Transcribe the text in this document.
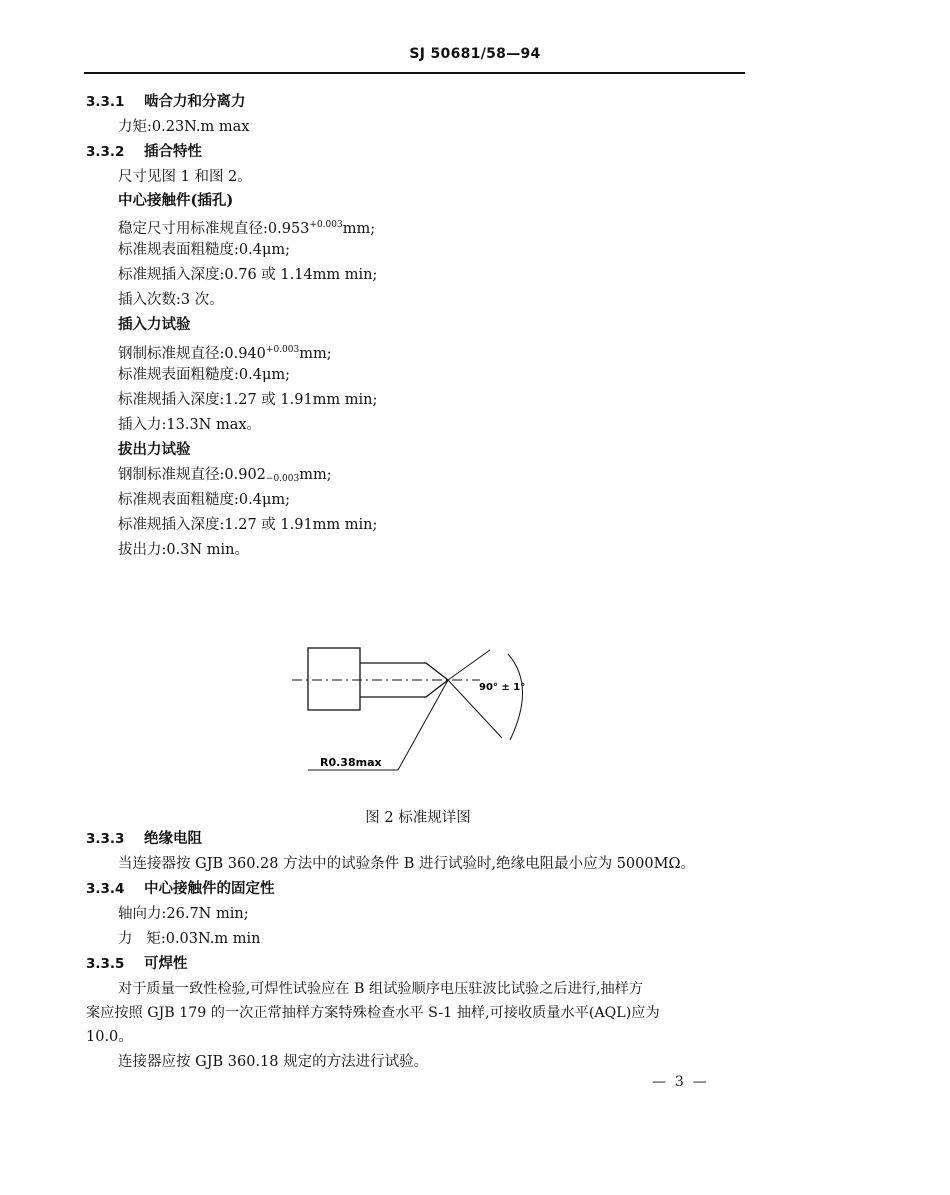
SJ 50681/58—94
3.3.1 啮合力和分离力
力矩:0.23N.m max
3.3.2 插合特性
尺寸见图 1 和图 2。
中心接触件(插孔)
稳定尺寸用标准规直径$:0.953^{+0.003}mm$;
标准规表面粗糙度:0.4μm;
标准规插入深度:0.76 或 1.14mm min;
插入次数:3 次。
插入力试验
钢制标准规直径$:0.940^{+0.003}mm$;
标准规表面粗糙度:0.4μm;
标准规插入深度:1.27 或 1.91mm min;
插入力:13.3N max。
拔出力试验
钢制标准规直径$:0.902_{-0.003}mm$;
标准规表面粗糙度:0.4μm;
标准规插入深度:1.27 或 1.91mm min;
拔出力:0.3N min。
90° ± 1°
R0.38max
图 2 标准规详图
3.3.3 绝缘电阻
当连接器按 GJB 360.28 方法中的试验条件 B 进行试验时,绝缘电阻最小应为 5000MΩ。
3.3.4 中心接触件的固定性
轴向力:26.7N min;
力   矩:0.03N.m min
3.3.5 可焊性
对于质量一致性检验,可焊性试验应在 B 组试验顺序电压驻波比试验之后进行,抽样方
案应按照 GJB 179 的一次正常抽样方案特殊检查水平 S-1 抽样,可接收质量水平(AQL)应为
10.0。
连接器应按 GJB 360.18 规定的方法进行试验。
—  3  —
